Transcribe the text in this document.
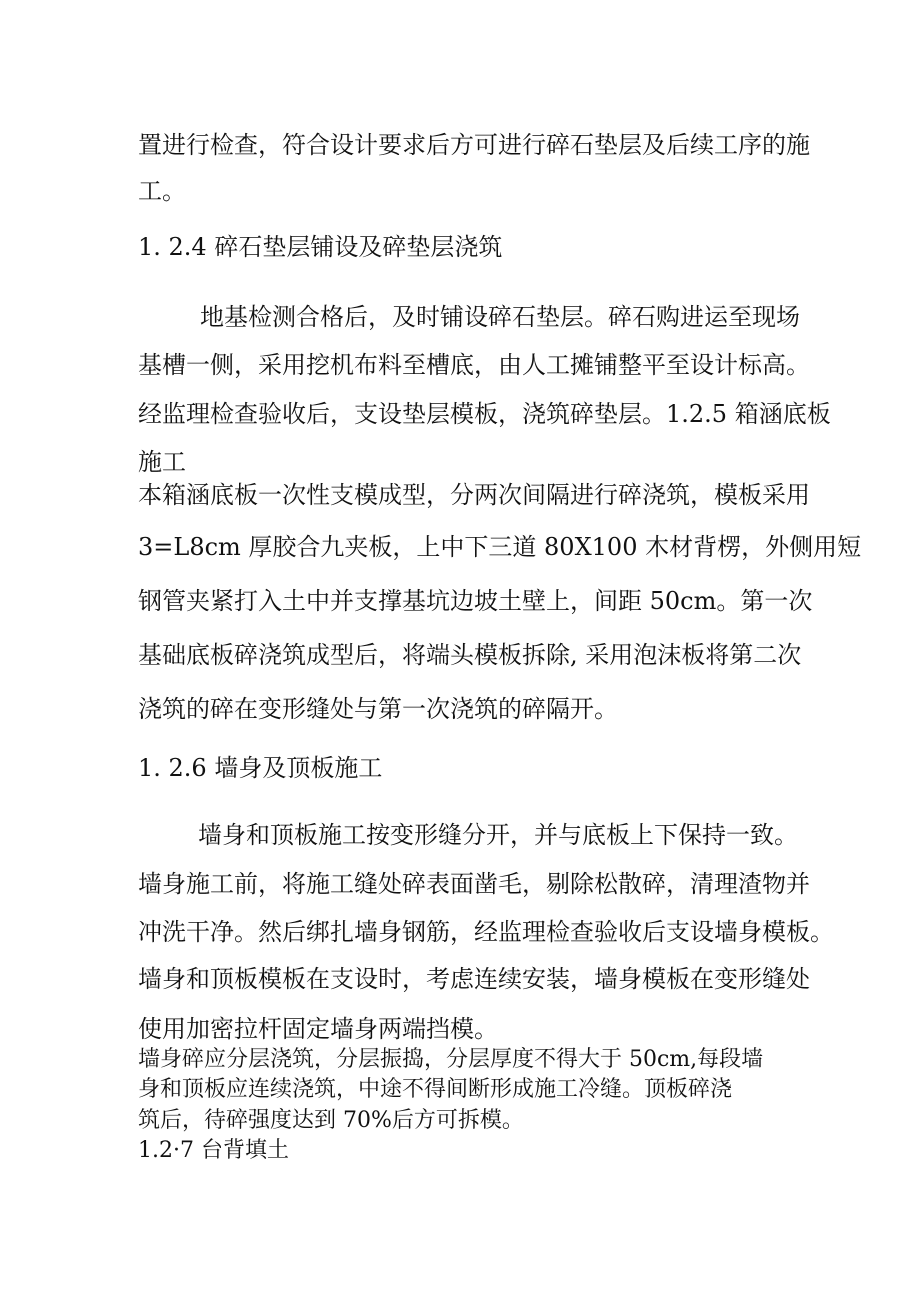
置进行检查，符合设计要求后方可进行碎石垫层及后续工序的施
工。
1. 2.4 碎石垫层铺设及碎垫层浇筑
地基检测合格后，及时铺设碎石垫层。碎石购进运至现场
基槽一侧，采用挖机布料至槽底，由人工摊铺整平至设计标高。
经监理检查验收后，支设垫层模板，浇筑碎垫层。1.2.5 箱涵底板
施工
本箱涵底板一次性支模成型，分两次间隔进行碎浇筑，模板采用
3=L8cm 厚胶合九夹板，上中下三道 80X100 木材背楞，外侧用短
钢管夹紧打入土中并支撑基坑边坡土壁上，间距 50cm。第一次
基础底板碎浇筑成型后，将端头模板拆除, 采用泡沫板将第二次
浇筑的碎在变形缝处与第一次浇筑的碎隔开。
1. 2.6 墙身及顶板施工
墙身和顶板施工按变形缝分开，并与底板上下保持一致。
墙身施工前，将施工缝处碎表面凿毛，剔除松散碎，清理渣物并
冲洗干净。然后绑扎墙身钢筋，经监理检查验收后支设墙身模板。
墙身和顶板模板在支设时，考虑连续安装，墙身模板在变形缝处
使用加密拉杆固定墙身两端挡模。
墙身碎应分层浇筑，分层振捣，分层厚度不得大于 50cm,每段墙
身和顶板应连续浇筑，中途不得间断形成施工冷缝。顶板碎浇
筑后，待碎强度达到 70%后方可拆模。
1.2·7 台背填土
